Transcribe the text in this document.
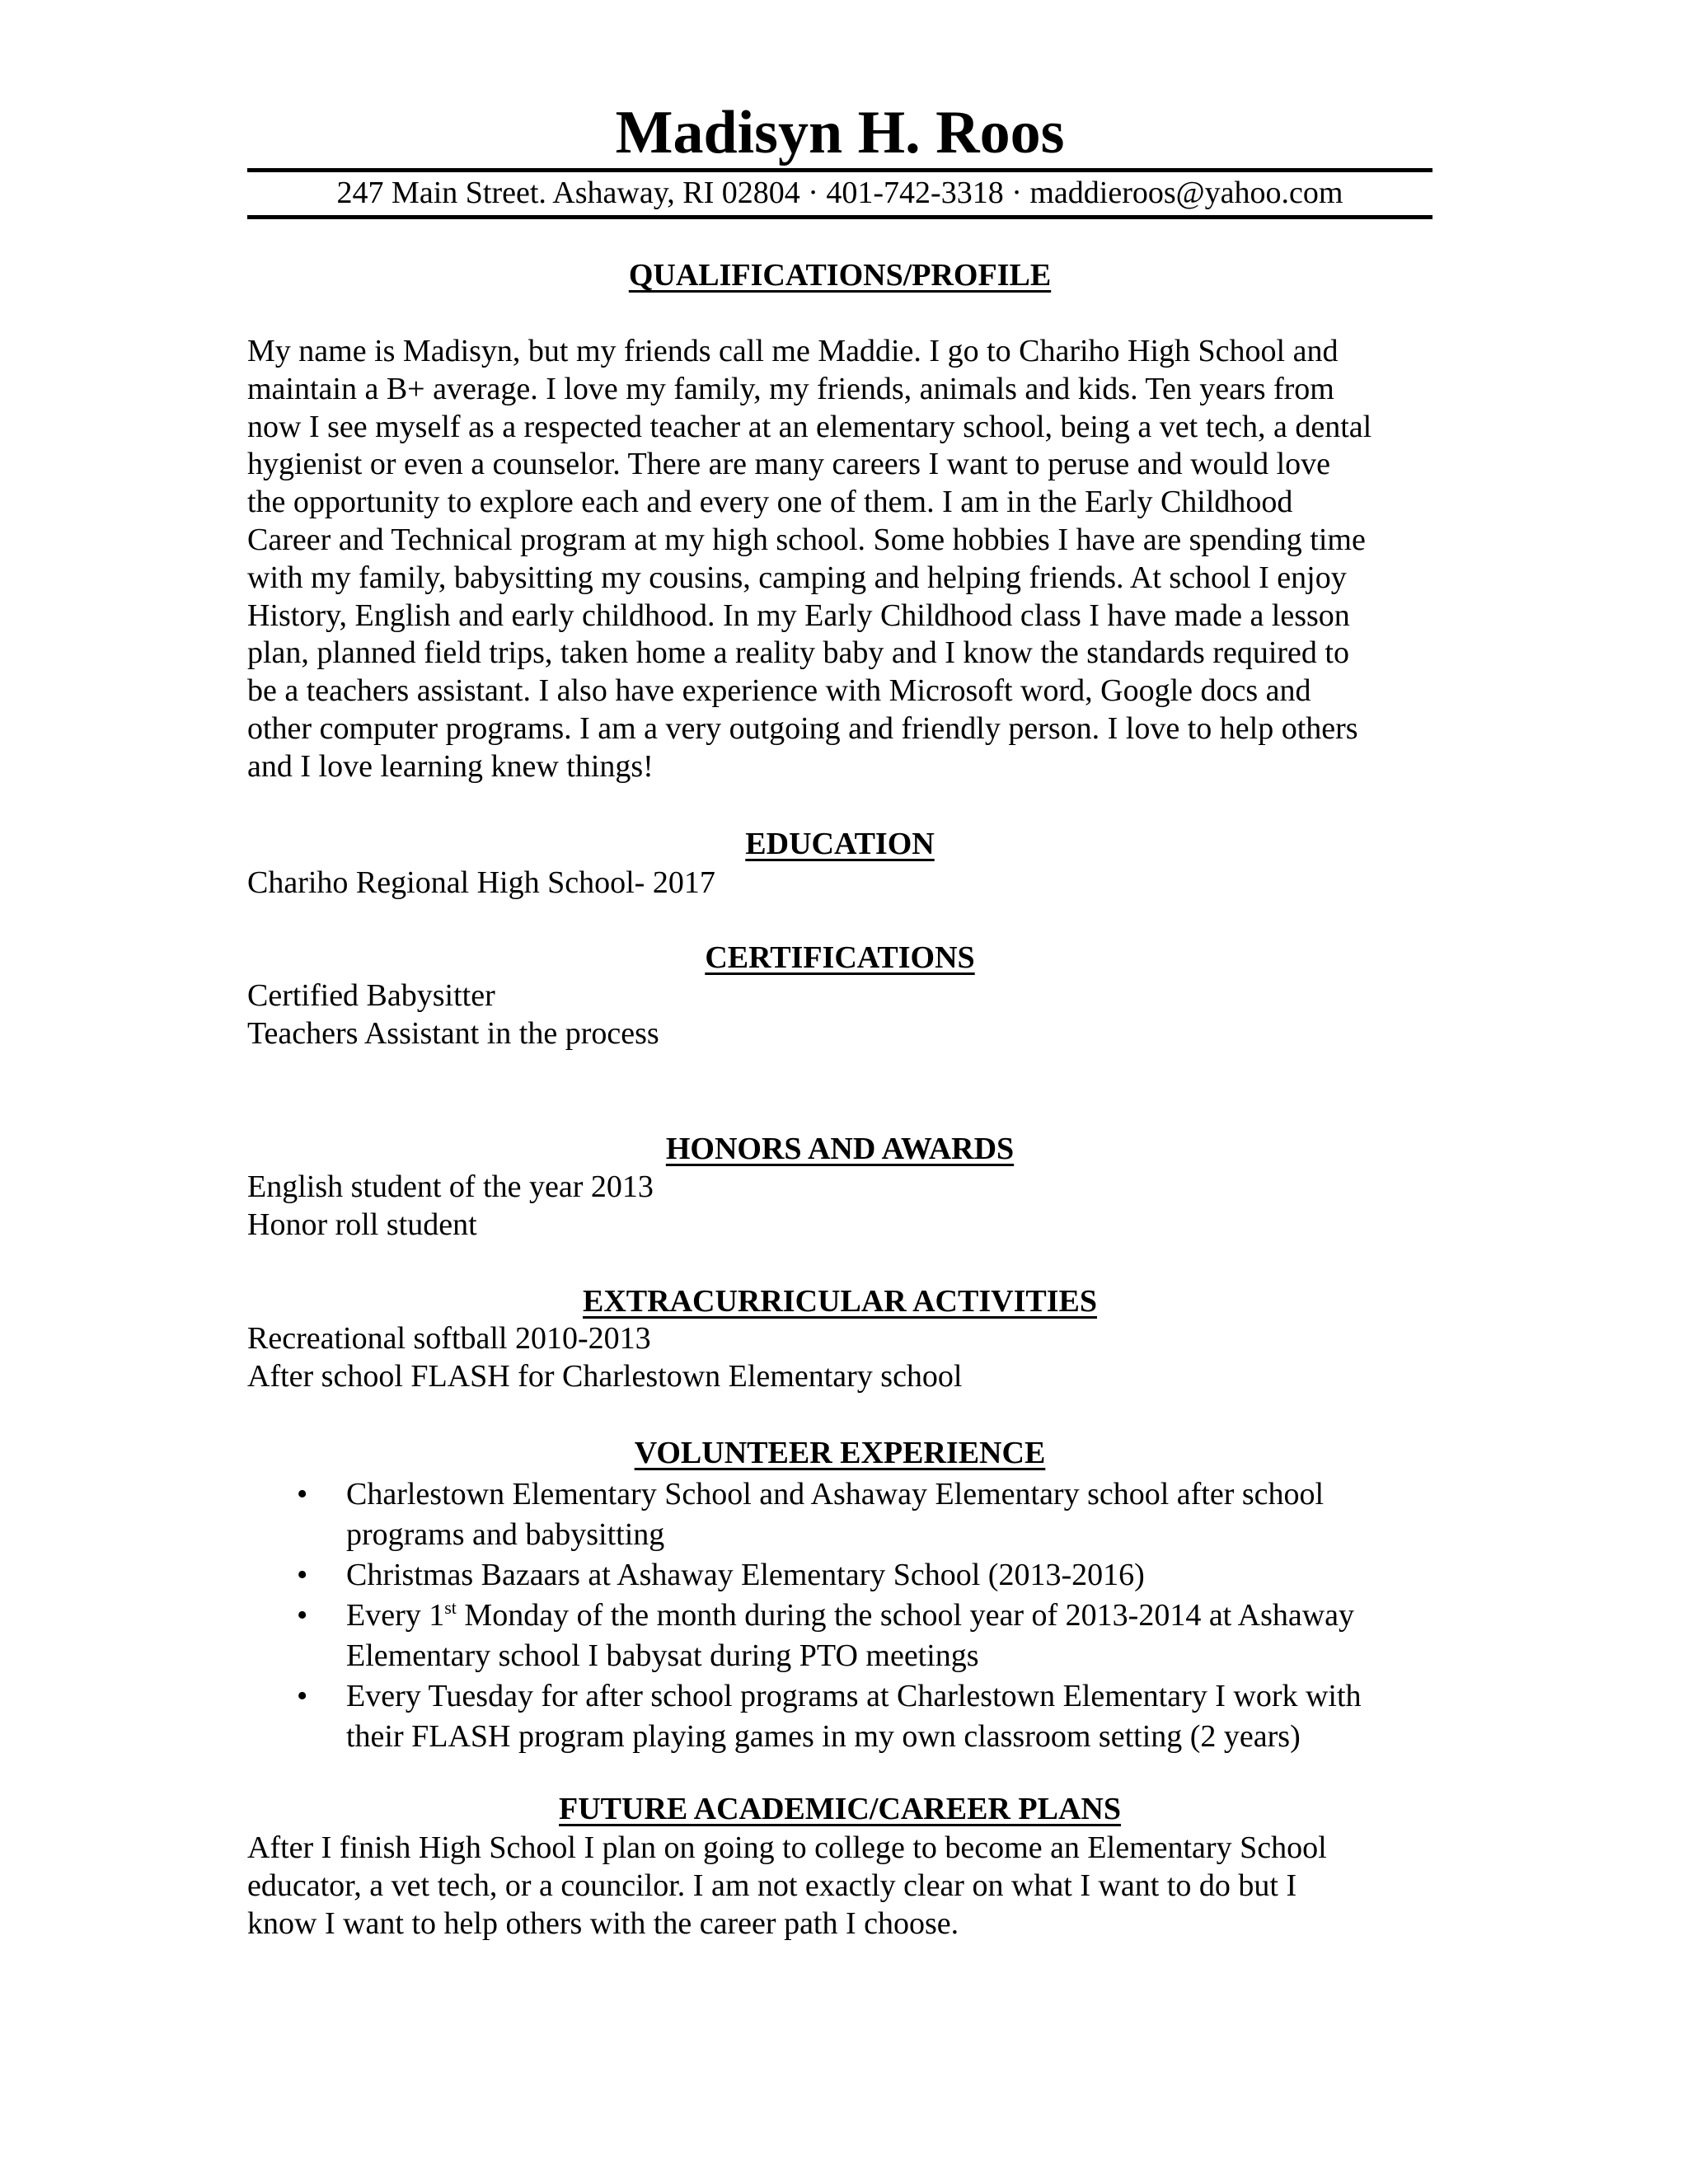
Madisyn H. Roos
247 Main Street. Ashaway, RI 02804 · 401-742-3318 · maddieroos@yahoo.com
QUALIFICATIONS/PROFILE
My name is Madisyn, but my friends call me Maddie. I go to Chariho High School and
maintain a B+ average. I love my family, my friends, animals and kids. Ten years from
now I see myself as a respected teacher at an elementary school, being a vet tech, a dental
hygienist or even a counselor. There are many careers I want to peruse and would love
the opportunity to explore each and every one of them. I am in the Early Childhood
Career and Technical program at my high school. Some hobbies I have are spending time
with my family, babysitting my cousins, camping and helping friends. At school I enjoy
History, English and early childhood. In my Early Childhood class I have made a lesson
plan, planned field trips, taken home a reality baby and I know the standards required to
be a teachers assistant. I also have experience with Microsoft word, Google docs and
other computer programs. I am a very outgoing and friendly person. I love to help others
and I love learning knew things!
EDUCATION
Chariho Regional High School- 2017
CERTIFICATIONS
Certified Babysitter
Teachers Assistant in the process
HONORS AND AWARDS
English student of the year 2013
Honor roll student
EXTRACURRICULAR ACTIVITIES
Recreational softball 2010-2013
After school FLASH for Charlestown Elementary school
VOLUNTEER EXPERIENCE
• Charlestown Elementary School and Ashaway Elementary school after school
programs and babysitting
• Christmas Bazaars at Ashaway Elementary School (2013-2016)
• Every 1st Monday of the month during the school year of 2013-2014 at Ashaway
Elementary school I babysat during PTO meetings
• Every Tuesday for after school programs at Charlestown Elementary I work with
their FLASH program playing games in my own classroom setting (2 years)
FUTURE ACADEMIC/CAREER PLANS
After I finish High School I plan on going to college to become an Elementary School
educator, a vet tech, or a councilor. I am not exactly clear on what I want to do but I
know I want to help others with the career path I choose.
